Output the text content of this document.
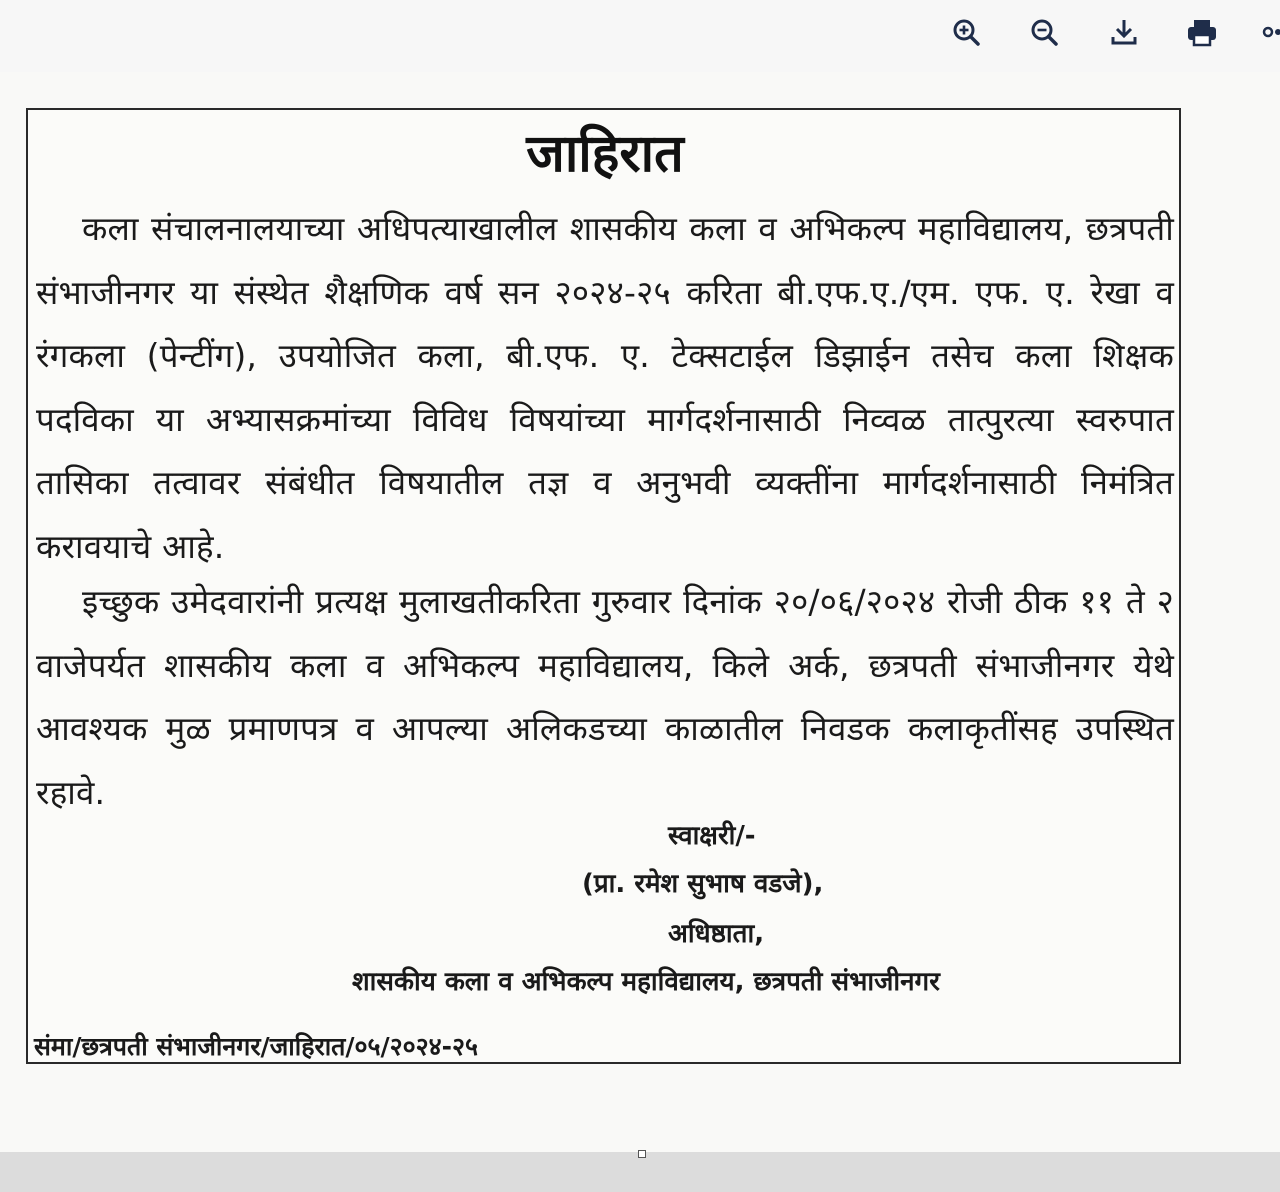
जाहिरात

कला संचालनालयाच्या अधिपत्याखालील शासकीय कला व अभिकल्प महाविद्यालय, छत्रपती संभाजीनगर या संस्थेत शैक्षणिक वर्ष सन २०२४-२५ करिता बी.एफ.ए./एम. एफ. ए. रेखा व रंगकला (पेन्टींग), उपयोजित कला, बी.एफ. ए. टेक्सटाईल डिझाईन तसेच कला शिक्षक पदविका या अभ्यासक्रमांच्या विविध विषयांच्या मार्गदर्शनासाठी निव्वळ तात्पुरत्या स्वरुपात तासिका तत्वावर संबंधीत विषयातील तज्ञ व अनुभवी व्यक्तींना मार्गदर्शनासाठी निमंत्रित करावयाचे आहे.

इच्छुक उमेदवारांनी प्रत्यक्ष मुलाखतीकरिता गुरुवार दिनांक २०/०६/२०२४ रोजी ठीक ११ ते २ वाजेपर्यत शासकीय कला व अभिकल्प महाविद्यालय, किले अर्क, छत्रपती संभाजीनगर येथे आवश्यक मुळ प्रमाणपत्र व आपल्या अलिकडच्या काळातील निवडक कलाकृतींसह उपस्थित रहावे.

स्वाक्षरी/-
(प्रा. रमेश सुभाष वडजे),
अधिष्ठाता,
शासकीय कला व अभिकल्प महाविद्यालय, छत्रपती संभाजीनगर
संमा/छत्रपती संभाजीनगर/जाहिरात/०५/२०२४-२५
